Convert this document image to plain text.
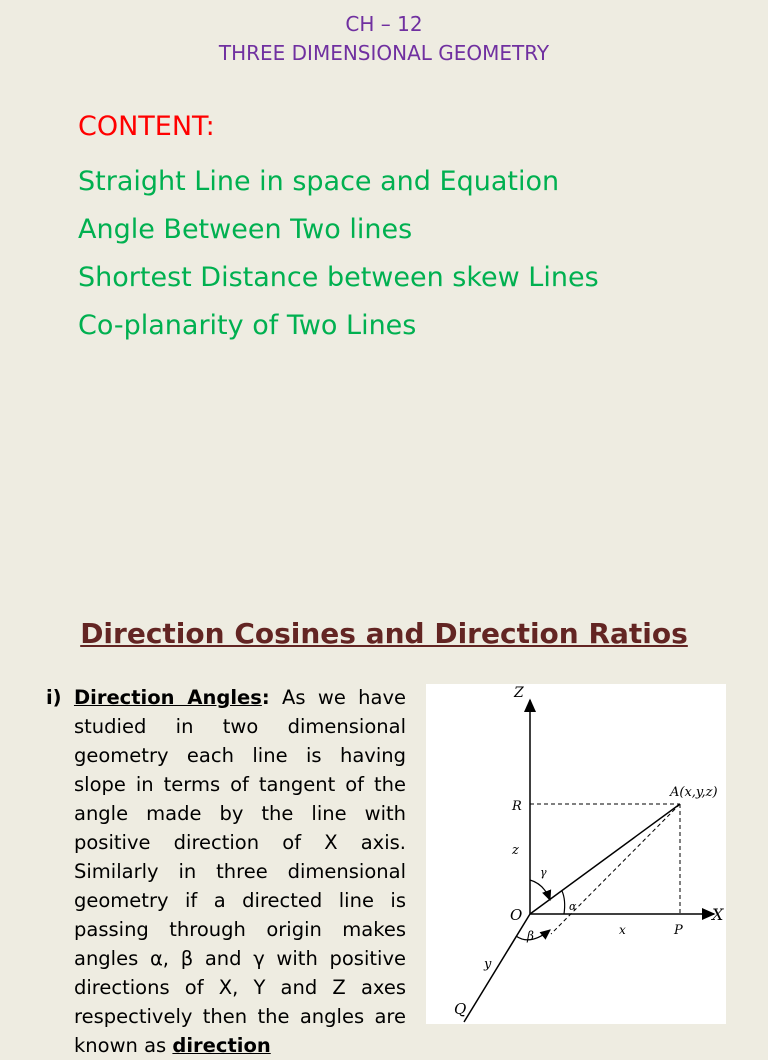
CH – 12
THREE DIMENSIONAL GEOMETRY
CONTENT:
Straight Line in space and Equation
Angle Between Two lines
Shortest Distance between skew Lines
Co-planarity of Two Lines
Direction Cosines and Direction Ratios
i) Direction Angles: As we have
studied in two dimensional geometry each line is having slope in terms of tangent of the angle made by the line with positive direction of X axis. Similarly in three dimensional geometry if a directed line is passing through origin makes angles α, β and γ with positive directions of X, Y and Z axes respectively then the angles are known as direction
Z
X
R
z
A(x,y,z)
O
x	P
y
Q
γ
α
β
